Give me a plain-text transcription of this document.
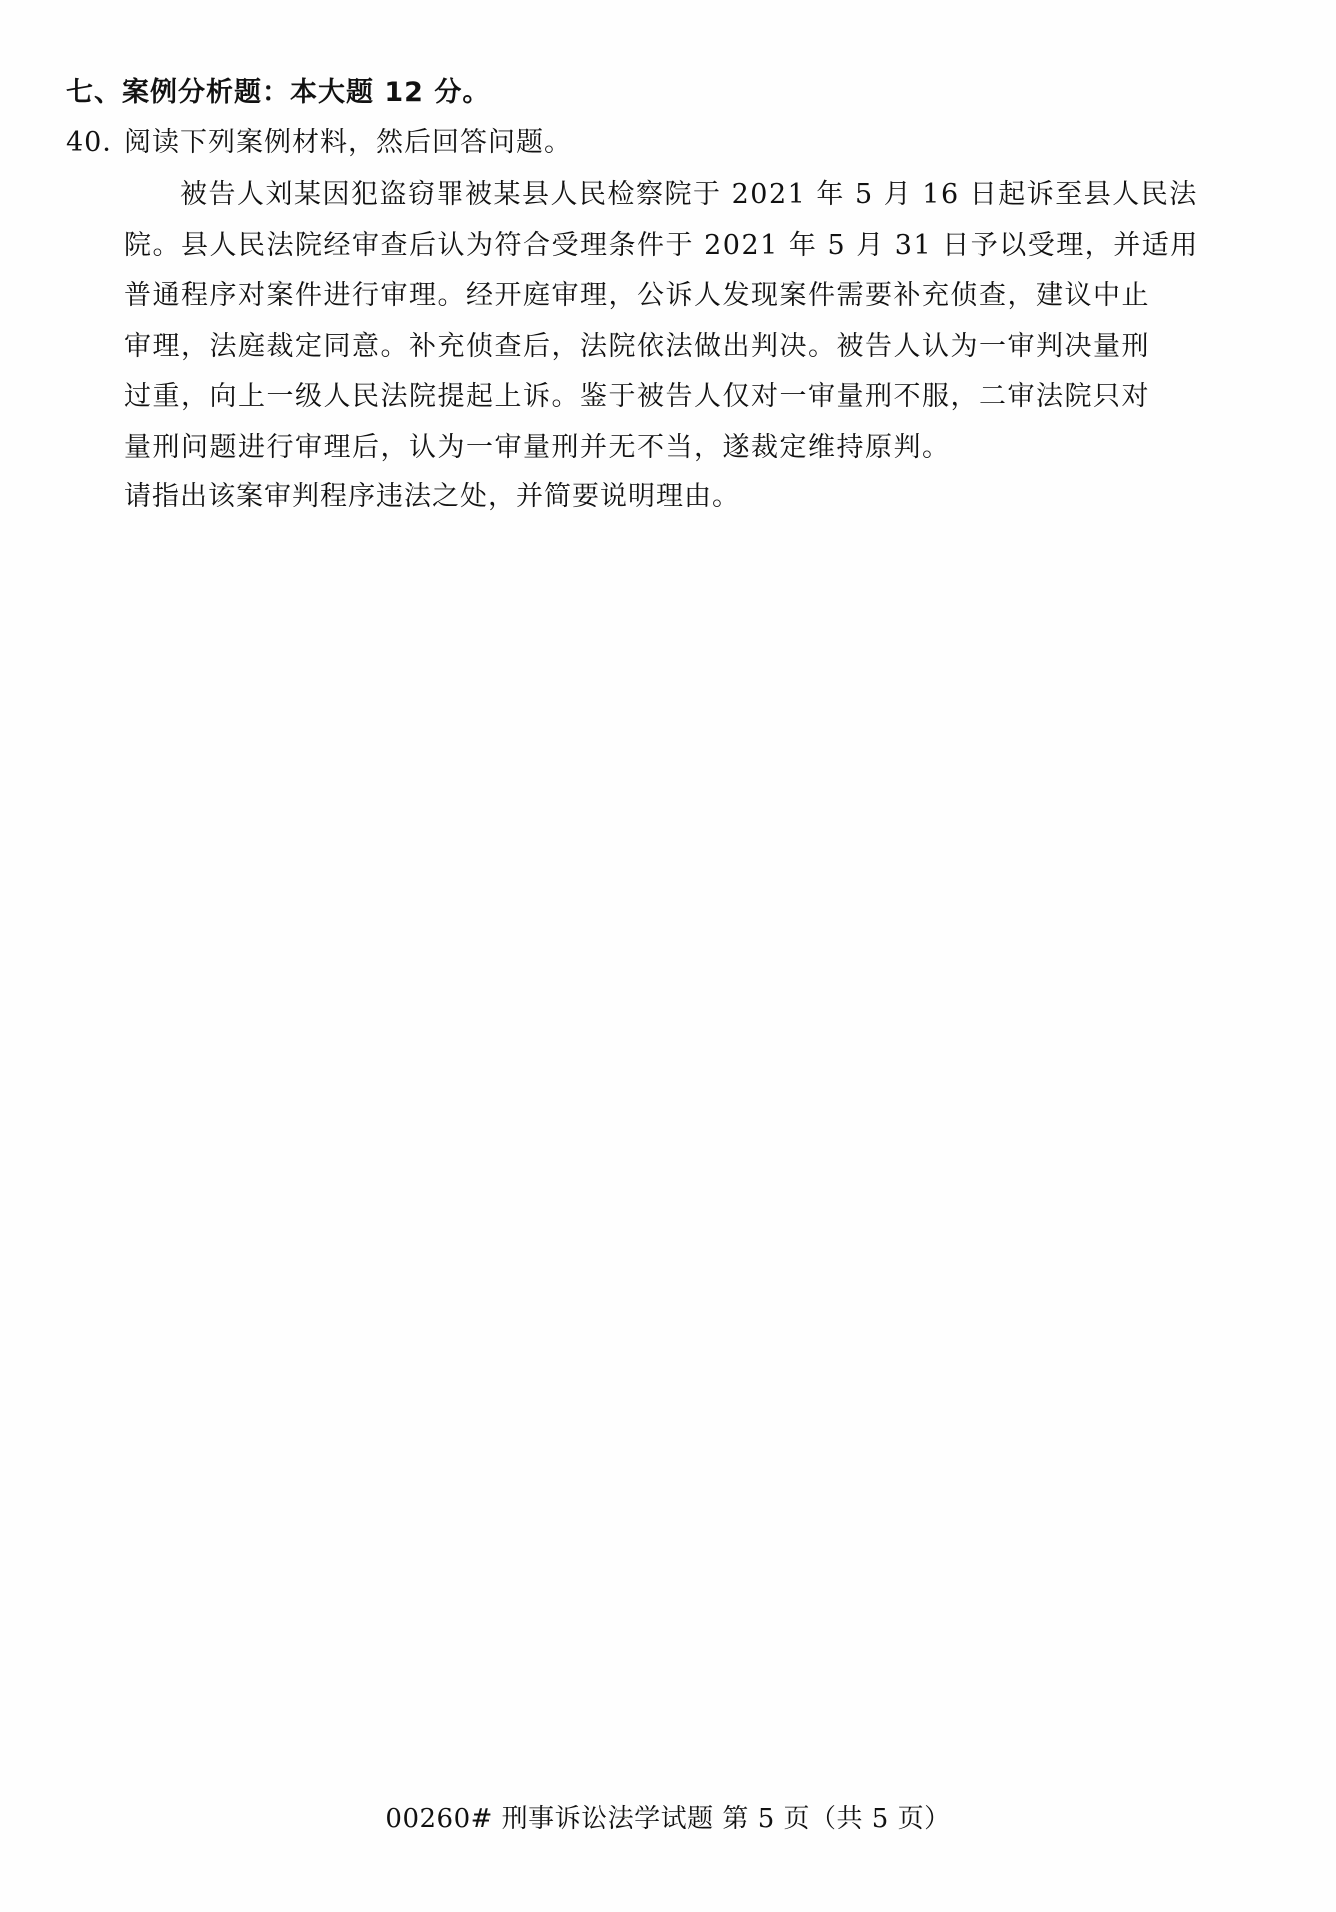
七、案例分析题：本大题 12 分。
40．阅读下列案例材料，然后回答问题。
被告人刘某因犯盗窃罪被某县人民检察院于 2021 年 5 月 16 日起诉至县人民法
院。县人民法院经审查后认为符合受理条件于 2021 年 5 月 31 日予以受理，并适用
普通程序对案件进行审理。经开庭审理，公诉人发现案件需要补充侦查，建议中止
审理，法庭裁定同意。补充侦查后，法院依法做出判决。被告人认为一审判决量刑
过重，向上一级人民法院提起上诉。鉴于被告人仅对一审量刑不服，二审法院只对
量刑问题进行审理后，认为一审量刑并无不当，遂裁定维持原判。
请指出该案审判程序违法之处，并简要说明理由。
00260# 刑事诉讼法学试题 第 5 页（共 5 页）
